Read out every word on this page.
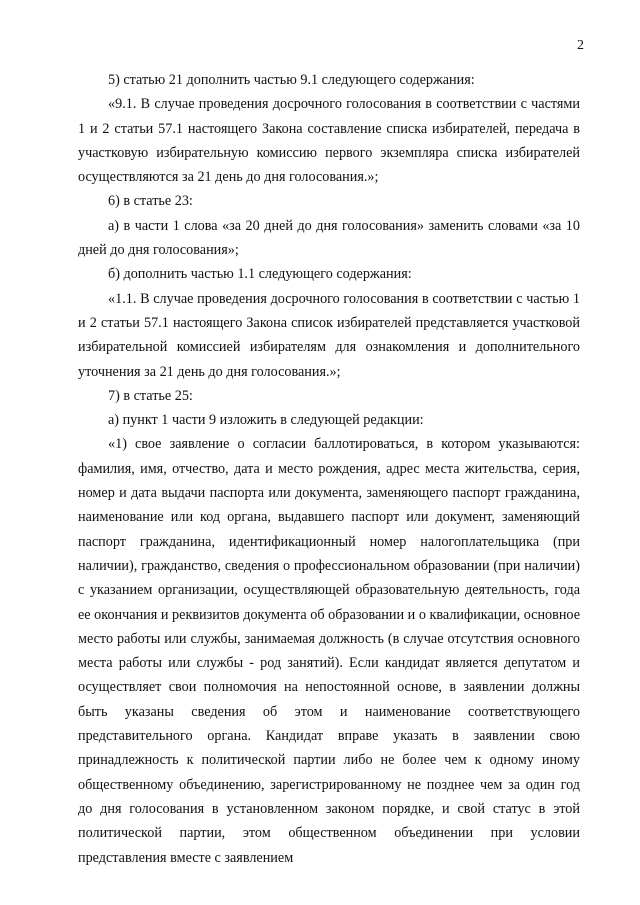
2

5) статью 21 дополнить частью 9.1 следующего содержания:

«9.1. В случае проведения досрочного голосования в соответствии с частями 1 и 2 статьи 57.1 настоящего Закона составление списка избирателей, передача в участковую избирательную комиссию первого экземпляра списка избирателей осуществляются за 21 день до дня голосования.»;

6) в статье 23:

а) в части 1 слова «за 20 дней до дня голосования» заменить словами «за 10 дней до дня голосования»;

б) дополнить частью 1.1 следующего содержания:

«1.1. В случае проведения досрочного голосования в соответствии с частью 1 и 2 статьи 57.1 настоящего Закона список избирателей представляется участковой избирательной комиссией избирателям для ознакомления и дополнительного уточнения за 21 день до дня голосования.»;

7) в статье 25:

а) пункт 1 части 9 изложить в следующей редакции:

«1) свое заявление о согласии баллотироваться, в котором указываются: фамилия, имя, отчество, дата и место рождения, адрес места жительства, серия, номер и дата выдачи паспорта или документа, заменяющего паспорт гражданина, наименование или код органа, выдавшего паспорт или документ, заменяющий паспорт гражданина, идентификационный номер налогоплательщика (при наличии), гражданство, сведения о профессиональном образовании (при наличии) с указанием организации, осуществляющей образовательную деятельность, года ее окончания и реквизитов документа об образовании и о квалификации, основное место работы или службы, занимаемая должность (в случае отсутствия основного места работы или службы - род занятий). Если кандидат является депутатом и осуществляет свои полномочия на непостоянной основе, в заявлении должны быть указаны сведения об этом и наименование соответствующего представительного органа. Кандидат вправе указать в заявлении свою принадлежность к политической партии либо не более чем к одному иному общественному объединению, зарегистрированному не позднее чем за один год до дня голосования в установленном законом порядке, и свой статус в этой политической партии, этом общественном объединении при условии представления вместе с заявлением
